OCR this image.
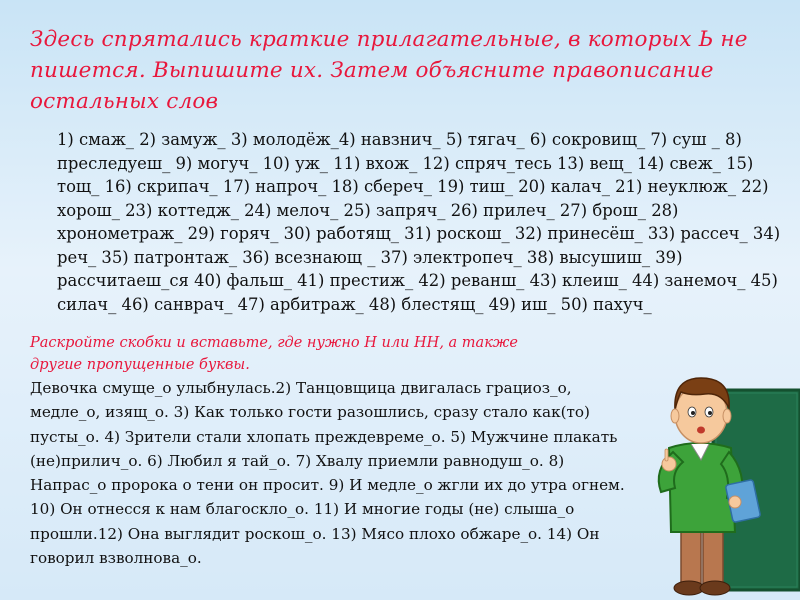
Здесь спрятались краткие прилагательные, в которых Ь не пишется. Выпишите их. Затем объясните правописание остальных слов
1) смаж_ 2) замуж_ 3) молодёж_4) навзнич_ 5) тягач_ 6) сокровищ_ 7) суш _ 8) преследуеш_ 9) могуч_ 10) уж_ 11) вхож_ 12) спряч_тесь 13) вещ_ 14) свеж_ 15) тощ_ 16) скрипач_ 17) напроч_ 18) сбереч_ 19) тиш_ 20) калач_ 21) неуклюж_ 22) хорош_ 23) коттедж_ 24) мелоч_ 25) запряч_ 26) прилеч_ 27) брош_ 28) хронометраж_ 29) горяч_ 30) работящ_ 31) роскош_ 32) принесёш_ 33) рассеч_ 34) реч_ 35) патронтаж_ 36) всезнающ _ 37) электропеч_ 38) высушиш_ 39) рассчитаеш_ся 40) фальш_ 41) престиж_ 42) реванш_ 43) клеиш_ 44) занемоч_ 45) силач_ 46) санврач_ 47) арбитраж_ 48) блестящ_ 49) иш_ 50) пахуч_
Раскройте скобки и вставьте, где нужно Н или НН, а также другие пропущенные буквы.
Девочка смуще_о улыбнулась.2) Танцовщица двигалась грациоз_о, медле_о, изящ_о. 3) Как только гости разошлись, сразу стало как(то) пусты_о. 4) Зрители стали хлопать преждевреме_о. 5) Мужчине плакать (не)прилич_о. 6) Любил я тай_о. 7) Хвалу приемли равнодуш_о. 8) Напрас_о пророка о тени он просит. 9) И медле_о жгли их до утра огнем. 10) Он отнесся к нам благоскло_о. 11) И многие годы (не) слыша_о прошли.12) Она выглядит роскош_о. 13) Мясо плохо обжаре_о. 14) Он говорил взволнова_о.
